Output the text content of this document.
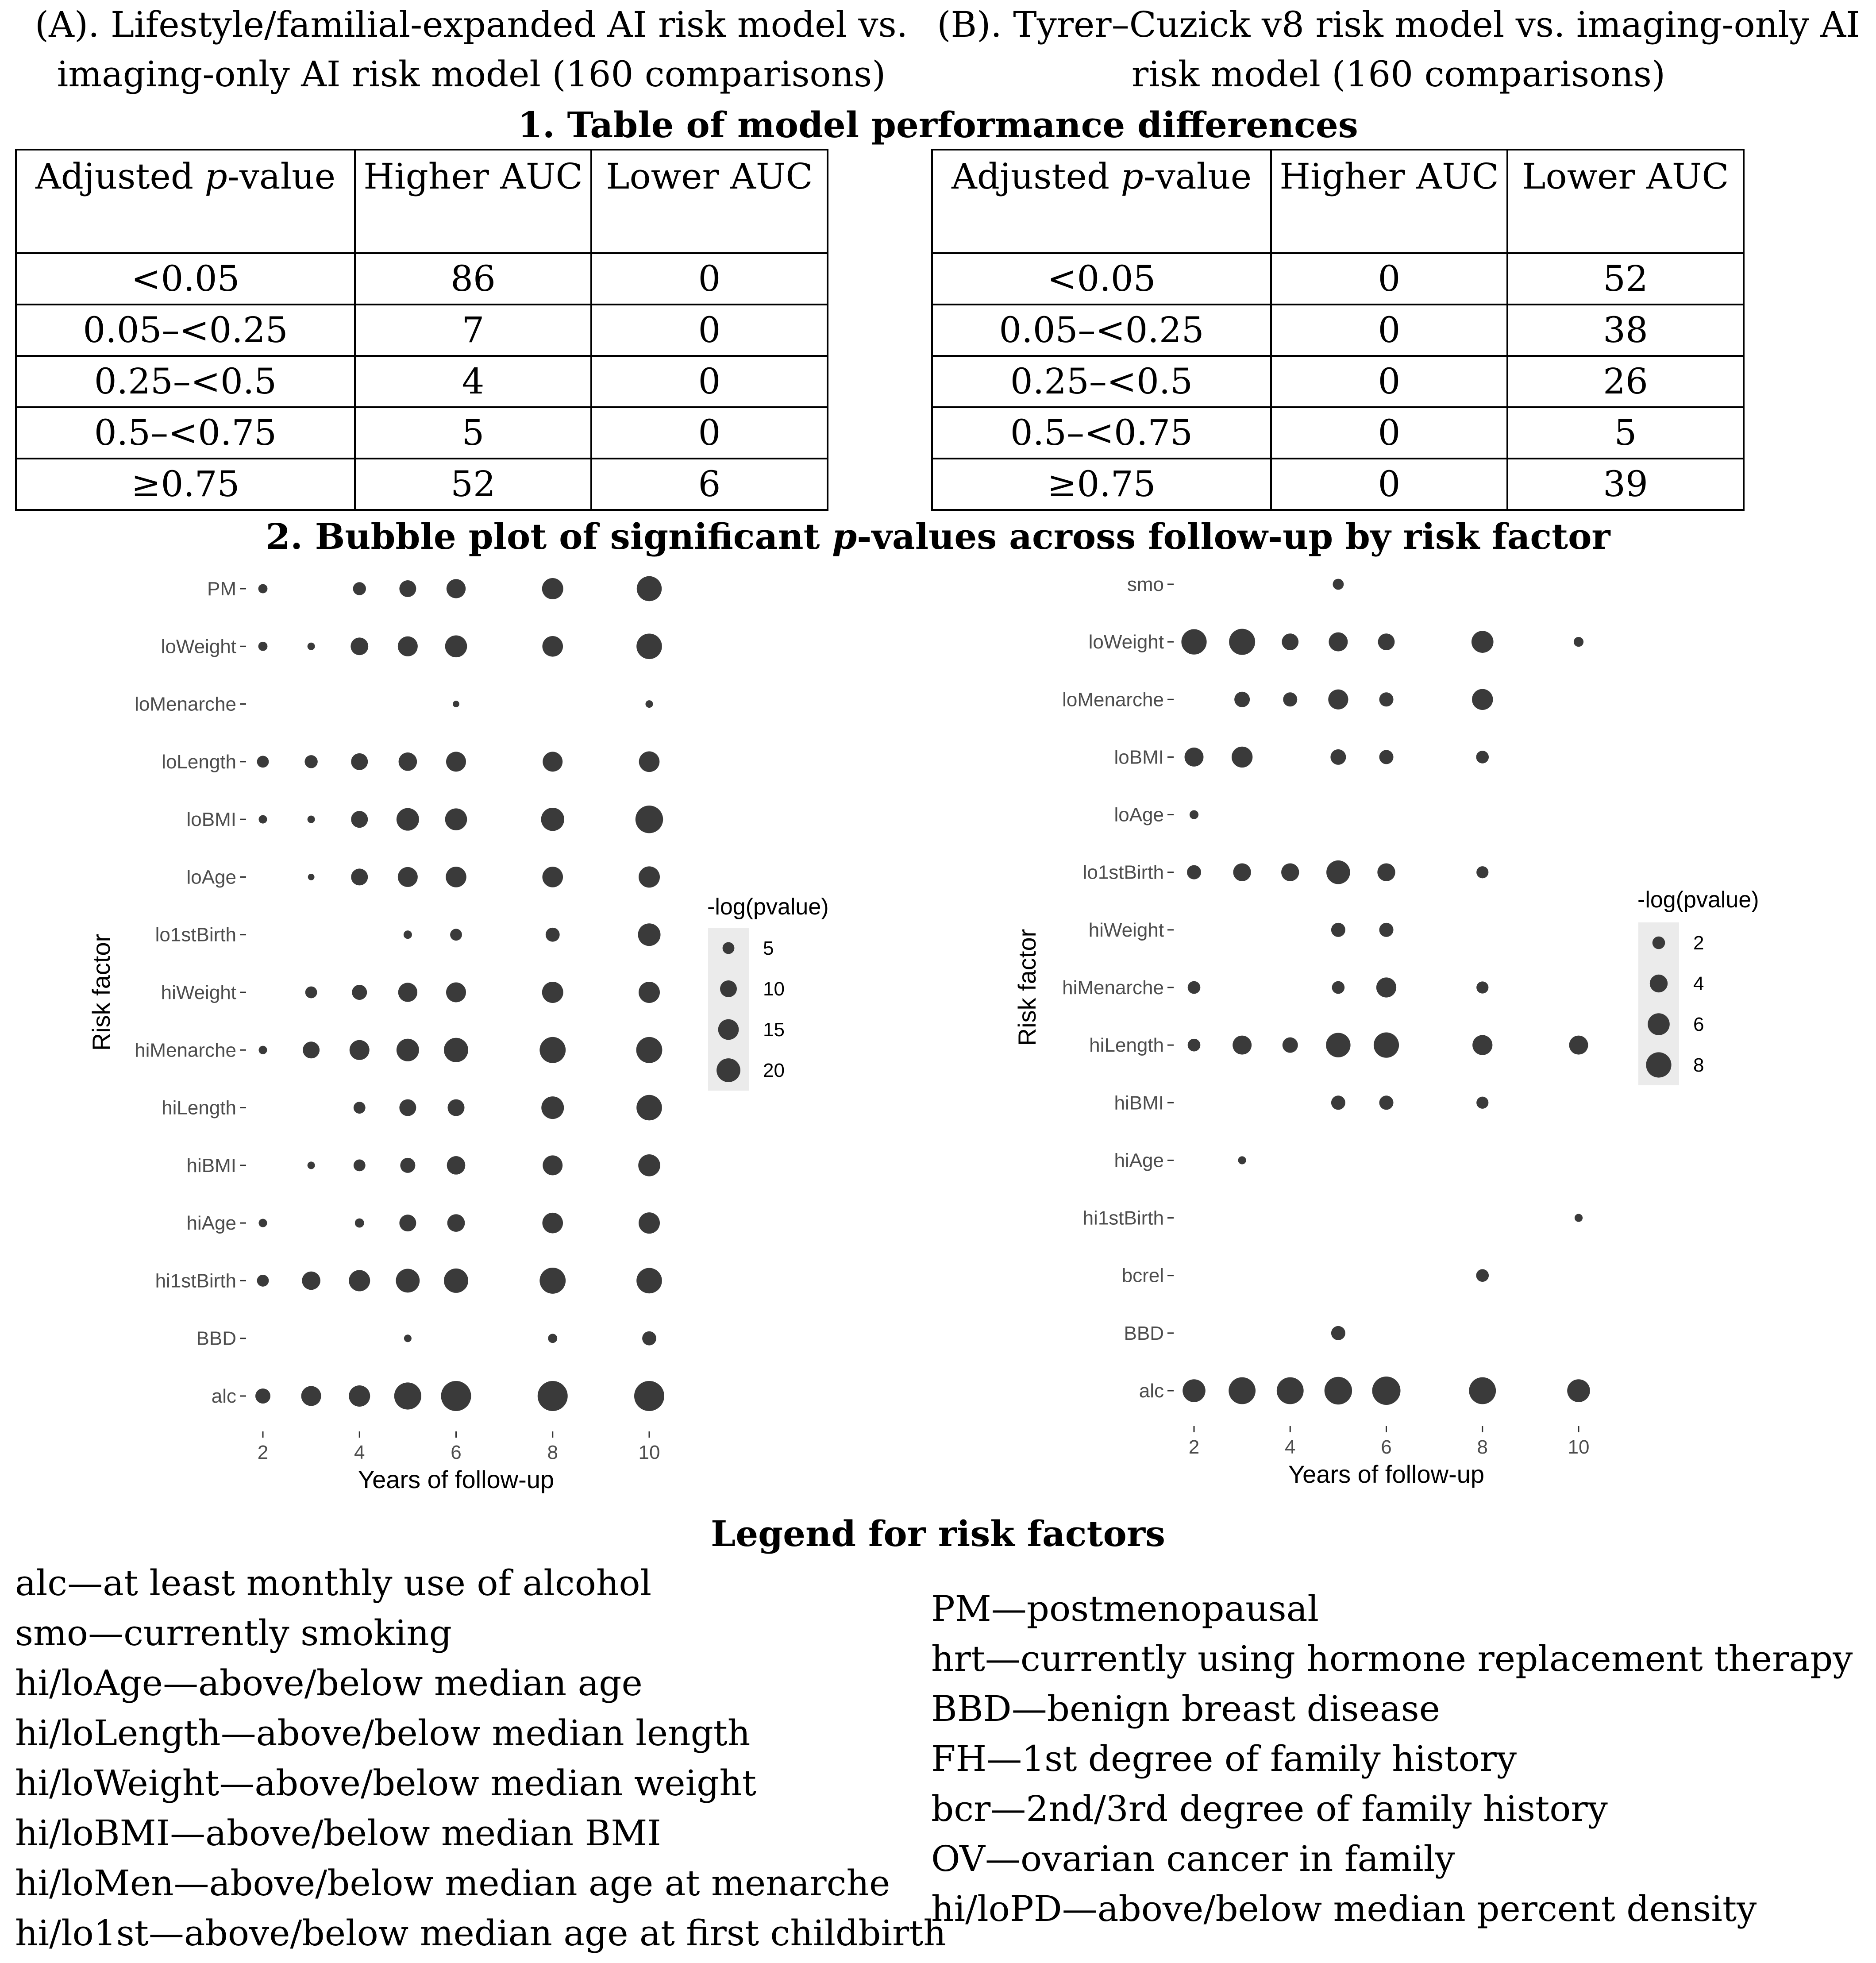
(A). Lifestyle/familial-expanded AI risk model vs. imaging-only AI risk model (160 comparisons)
(B). Tyrer–Cuzick v8 risk model vs. imaging-only AI risk model (160 comparisons)
1. Table of model performance differences
Adjusted p-value	Higher AUC	Lower AUC
<0.05	86	0
0.05–<0.25	7	0
0.25–<0.5	4	0
0.5–<0.75	5	0
≥0.75	52	6
Adjusted p-value	Higher AUC	Lower AUC
<0.05	0	52
0.05–<0.25	0	38
0.25–<0.5	0	26
0.5–<0.75	0	5
≥0.75	0	39
2. Bubble plot of significant p-values across follow-up by risk factor
PM
loWeight
loMenarche
loLength
loBMI
loAge
lo1stBirth
hiWeight
hiMenarche
hiLength
hiBMI
hiAge
hi1stBirth
BBD
alc
2	4	6	8	10
Years of follow-up
Risk factor
-log(pvalue)
5
10
15
20
smo
loWeight
loMenarche
loBMI
loAge
lo1stBirth
hiWeight
hiMenarche
hiLength
hiBMI
hiAge
hi1stBirth
bcrel
BBD
alc
2	4	6	8	10
Years of follow-up
Risk factor
-log(pvalue)
2
4
6
8
Legend for risk factors
alc—at least monthly use of alcohol
smo—currently smoking
hi/loAge—above/below median age
hi/loLength—above/below median length
hi/loWeight—above/below median weight
hi/loBMI—above/below median BMI
hi/loMen—above/below median age at menarche
hi/lo1st—above/below median age at first childbirth
PM—postmenopausal
hrt—currently using hormone replacement therapy
BBD—benign breast disease
FH—1st degree of family history
bcr—2nd/3rd degree of family history
OV—ovarian cancer in family
hi/loPD—above/below median percent density
